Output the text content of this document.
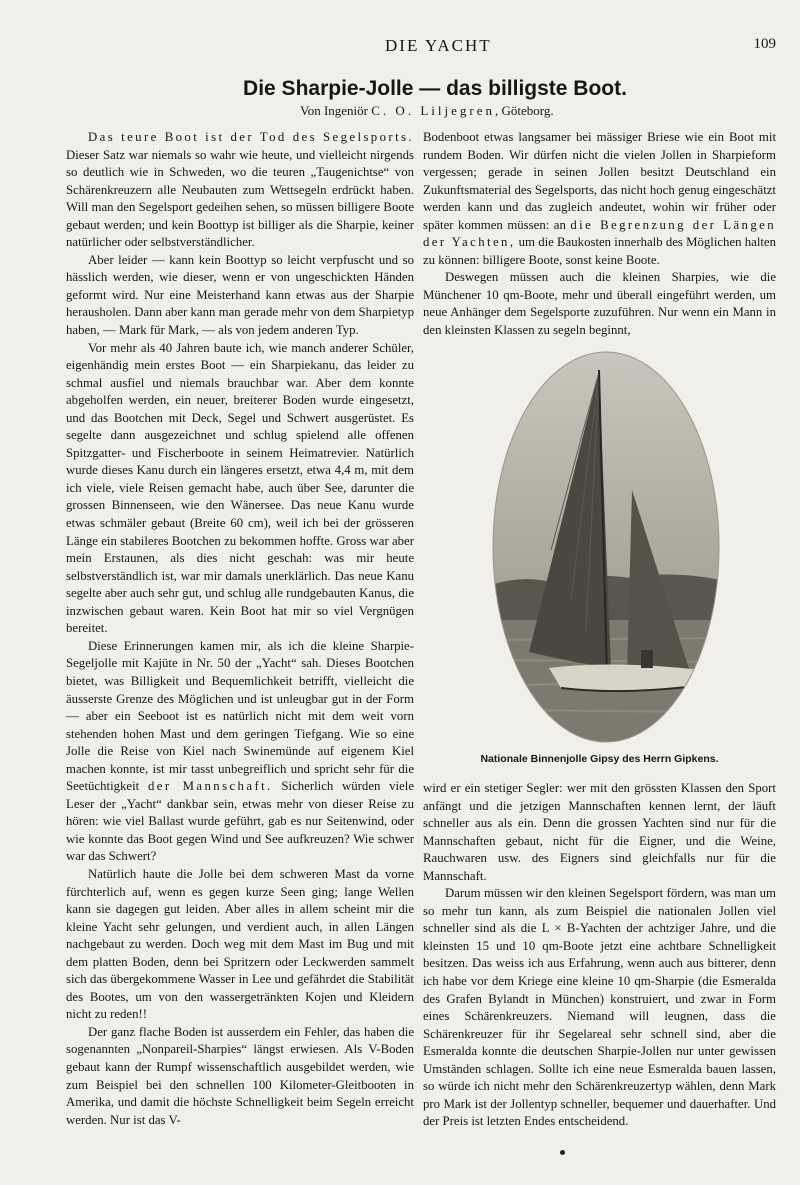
DIE YACHT	109
Die Sharpie-Jolle — das billigste Boot.
Von Ingeniör C. O. Liljegren, Göteborg.

Das teure Boot ist der Tod des Segelsports. Dieser Satz war niemals so wahr wie heute, und vielleicht nirgends so deutlich wie in Schweden, wo die teuren „Taugenichtse“ von Schärenkreuzern alle Neubauten zum Wettsegeln erdrückt haben. Will man den Segelsport gedeihen sehen, so müssen billigere Boote gebaut werden; und kein Boottyp ist billiger als die Sharpie, keiner natürlicher oder selbstverständlicher.

Aber leider — kann kein Boottyp so leicht verpfuscht und so hässlich werden, wie dieser, wenn er von ungeschickten Händen geformt wird. Nur eine Meisterhand kann etwas aus der Sharpie herausholen. Dann aber kann man gerade mehr von dem Sharpietyp haben, — Mark für Mark, — als von jedem anderen Typ.

Vor mehr als 40 Jahren baute ich, wie manch anderer Schüler, eigenhändig mein erstes Boot — ein Sharpiekanu, das leider zu schmal ausfiel und niemals brauchbar war. Aber dem konnte abgeholfen werden, ein neuer, breiterer Boden wurde eingesetzt, und das Bootchen mit Deck, Segel und Schwert ausgerüstet. Es segelte dann ausgezeichnet und schlug spielend alle offenen Spitzgatter- und Fischerboote in seinem Heimatrevier. Natürlich wurde dieses Kanu durch ein längeres ersetzt, etwa 4,4 m, mit dem ich viele, viele Reisen gemacht habe, auch über See, darunter die grossen Binnenseen, wie den Wänersee. Das neue Kanu wurde etwas schmäler gebaut (Breite 60 cm), weil ich bei der grösseren Länge ein stabileres Bootchen zu bekommen hoffte. Gross war aber mein Erstaunen, als dies nicht geschah: was mir heute selbstverständlich ist, war mir damals unerklärlich. Das neue Kanu segelte aber auch sehr gut, und schlug alle rundgebauten Kanus, die inzwischen gebaut waren. Kein Boot hat mir so viel Vergnügen bereitet.

Diese Erinnerungen kamen mir, als ich die kleine Sharpie-Segeljolle mit Kajüte in Nr. 50 der „Yacht“ sah. Dieses Bootchen bietet, was Billigkeit und Bequemlichkeit betrifft, vielleicht die äusserste Grenze des Möglichen und ist unleugbar gut in der Form — aber ein Seeboot ist es natürlich nicht mit dem weit vorn stehenden hohen Mast und dem geringen Tiefgang. Wie so eine Jolle die Reise von Kiel nach Swinemünde auf eigenem Kiel machen konnte, ist mir tasst unbegreiflich und spricht sehr für die Seetüchtigkeit der Mannschaft. Sicherlich würden viele Leser der „Yacht“ dankbar sein, etwas mehr von dieser Reise zu hören: wie viel Ballast wurde geführt, gab es nur Seitenwind, oder wie konnte das Boot gegen Wind und See aufkreuzen? Wie schwer war das Schwert?

Natürlich haute die Jolle bei dem schweren Mast da vorne fürchterlich auf, wenn es gegen kurze Seen ging; lange Wellen kann sie dagegen gut leiden. Aber alles in allem scheint mir die kleine Yacht sehr gelungen, und verdient auch, in allen Längen nachgebaut zu werden. Doch weg mit dem Mast im Bug und mit dem platten Boden, denn bei Spritzern oder Leckwerden sammelt sich das übergekommene Wasser in Lee und gefährdet die Stabilität des Bootes, um von den wassergetränkten Kojen und Kleidern nicht zu reden!!

Der ganz flache Boden ist ausserdem ein Fehler, das haben die sogenannten „Nonpareil-Sharpies“ längst erwiesen. Als V-Boden gebaut kann der Rumpf wissenschaftlich ausgebildet werden, wie zum Beispiel bei den schnellen 100 Kilometer-Gleitbooten in Amerika, und damit die höchste Schnelligkeit beim Segeln erreicht werden. Nur ist das V-

Bodenboot etwas langsamer bei mässiger Briese wie ein Boot mit rundem Boden. Wir dürfen nicht die vielen Jollen in Sharpieform vergessen; gerade in seinen Jollen besitzt Deutschland ein Zukunftsmaterial des Segelsports, das nicht hoch genug eingeschätzt werden kann und das zugleich andeutet, wohin wir früher oder später kommen müssen: an die Begrenzung der Längen der Yachten, um die Baukosten innerhalb des Möglichen halten zu können: billigere Boote, sonst keine Boote.

Deswegen müssen auch die kleinen Sharpies, wie die Münchener 10 qm-Boote, mehr und überall eingeführt werden, um neue Anhänger dem Segelsporte zuzuführen. Nur wenn ein Mann in den kleinsten Klassen zu segeln beginnt,

Nationale Binnenjolle Gipsy des Herrn Gipkens.

wird er ein stetiger Segler: wer mit den grössten Klassen den Sport anfängt und die jetzigen Mannschaften kennen lernt, der läuft schneller aus als ein. Denn die grossen Yachten sind nur für die Mannschaften gebaut, nicht für die Eigner, und die Weine, Rauchwaren usw. des Eigners sind gleichfalls nur für die Mannschaft.

Darum müssen wir den kleinen Segelsport fördern, was man um so mehr tun kann, als zum Beispiel die nationalen Jollen viel schneller sind als die L × B-Yachten der achtziger Jahre, und die kleinsten 15 und 10 qm-Boote jetzt eine achtbare Schnelligkeit besitzen. Das weiss ich aus Erfahrung, wenn auch aus bitterer, denn ich habe vor dem Kriege eine kleine 10 qm-Sharpie (die Esmeralda des Grafen Bylandt in München) konstruiert, und zwar in Form eines Schärenkreuzers. Niemand will leugnen, dass die Schärenkreuzer für ihr Segelareal sehr schnell sind, aber die Esmeralda konnte die deutschen Sharpie-Jollen nur unter gewissen Umständen schlagen. Sollte ich eine neue Esmeralda bauen lassen, so würde ich nicht mehr den Schärenkreuzertyp wählen, denn Mark pro Mark ist der Jollentyp schneller, bequemer und dauerhafter. Und der Preis ist letzten Endes entscheidend.
